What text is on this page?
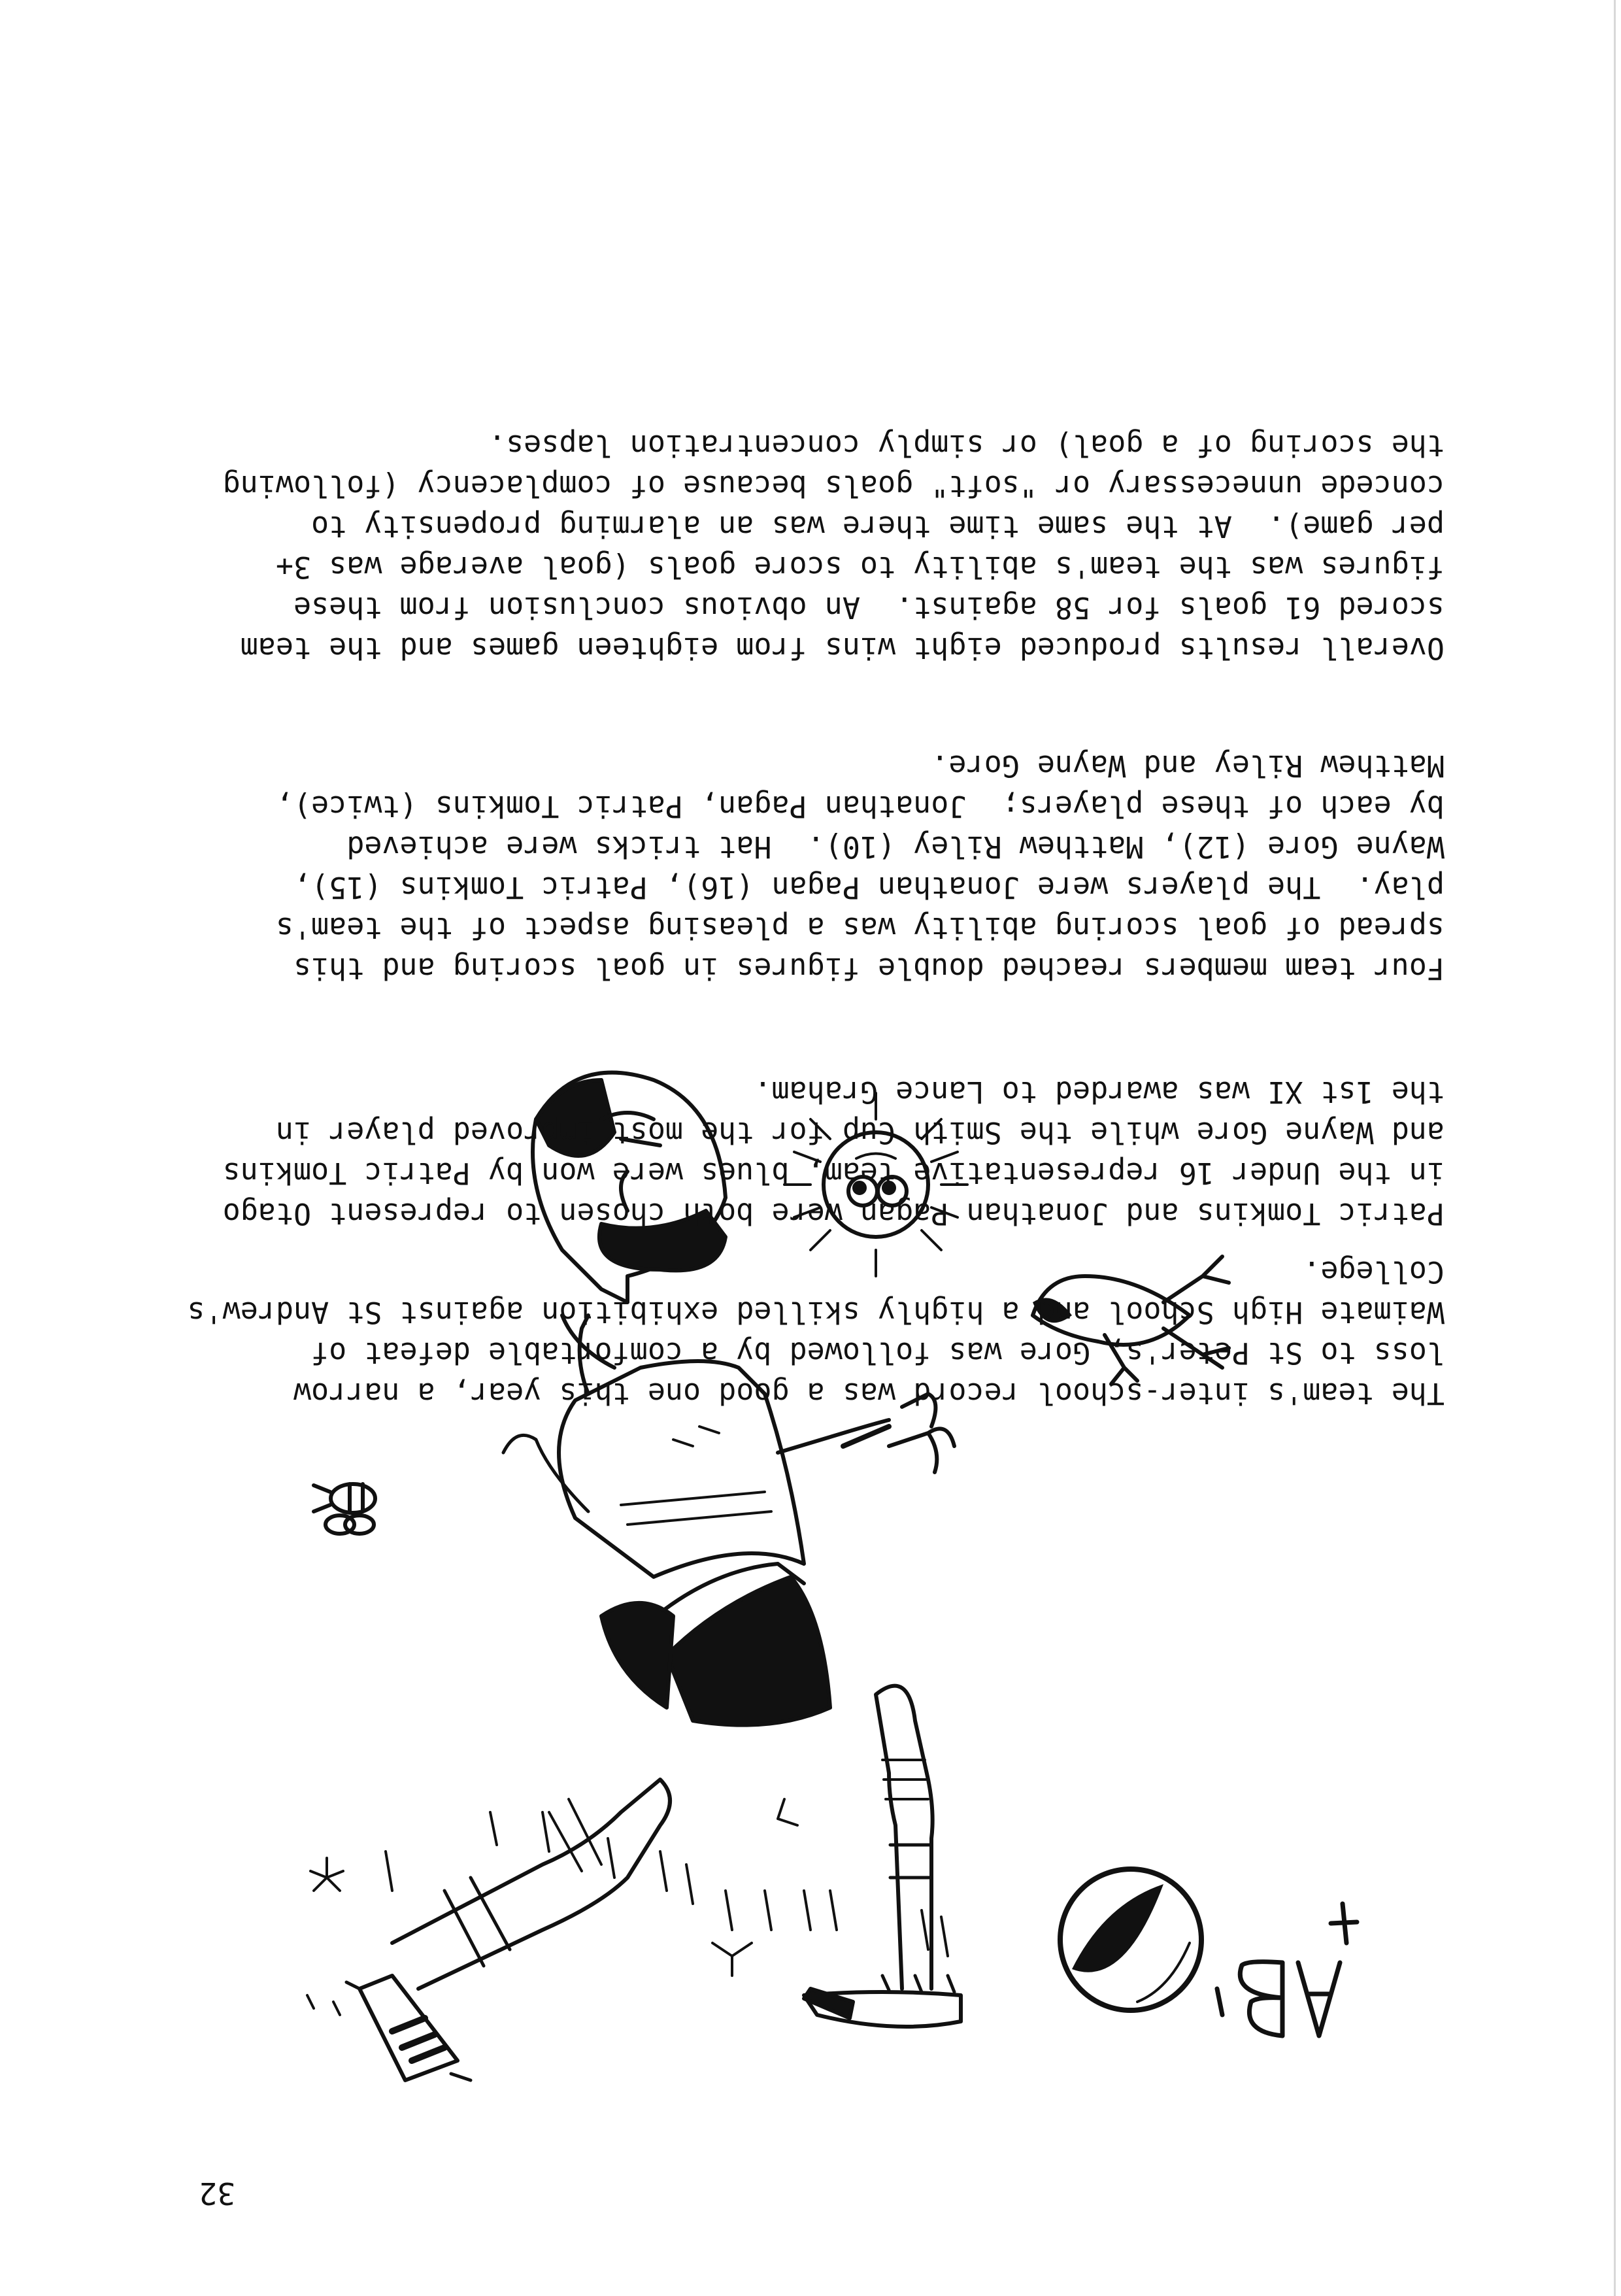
32

The team's inter-school record was a good one this year, a narrow

loss to St Peter's, Gore was followed by a comfortable defeat of

Waimate High School and a highly skilled exhibition against St Andrew's

College.

Patric Tomkins and Jonathan Pagan were both chosen to represent Otago

in the Under 16 representative team, blues were won by Patric Tomkins

and Wayne Gore while the Smith Cup for the most improved player in

the 1st XI was awarded to Lance Graham.

Four team members reached double figures in goal scoring and this

spread of goal scoring ability was a pleasing aspect of the team's

play.  The players were Jonathan Pagan (16), Patric Tomkins (15),

Wayne Gore (12), Matthew Riley (10).  Hat tricks were achieved

by each of these players;  Jonathan Pagan, Patric Tomkins (twice),

Matthew Riley and Wayne Gore.

Overall results produced eight wins from eighteen games and the team

scored 61 goals for 58 against.  An obvious conclusion from these

figures was the team's ability to score goals (goal average was 3+

per game).  At the same time there was an alarming propensity to

concede unnecessary or "soft" goals because of complacency (following

the scoring of a goal) or simply concentration lapses.
